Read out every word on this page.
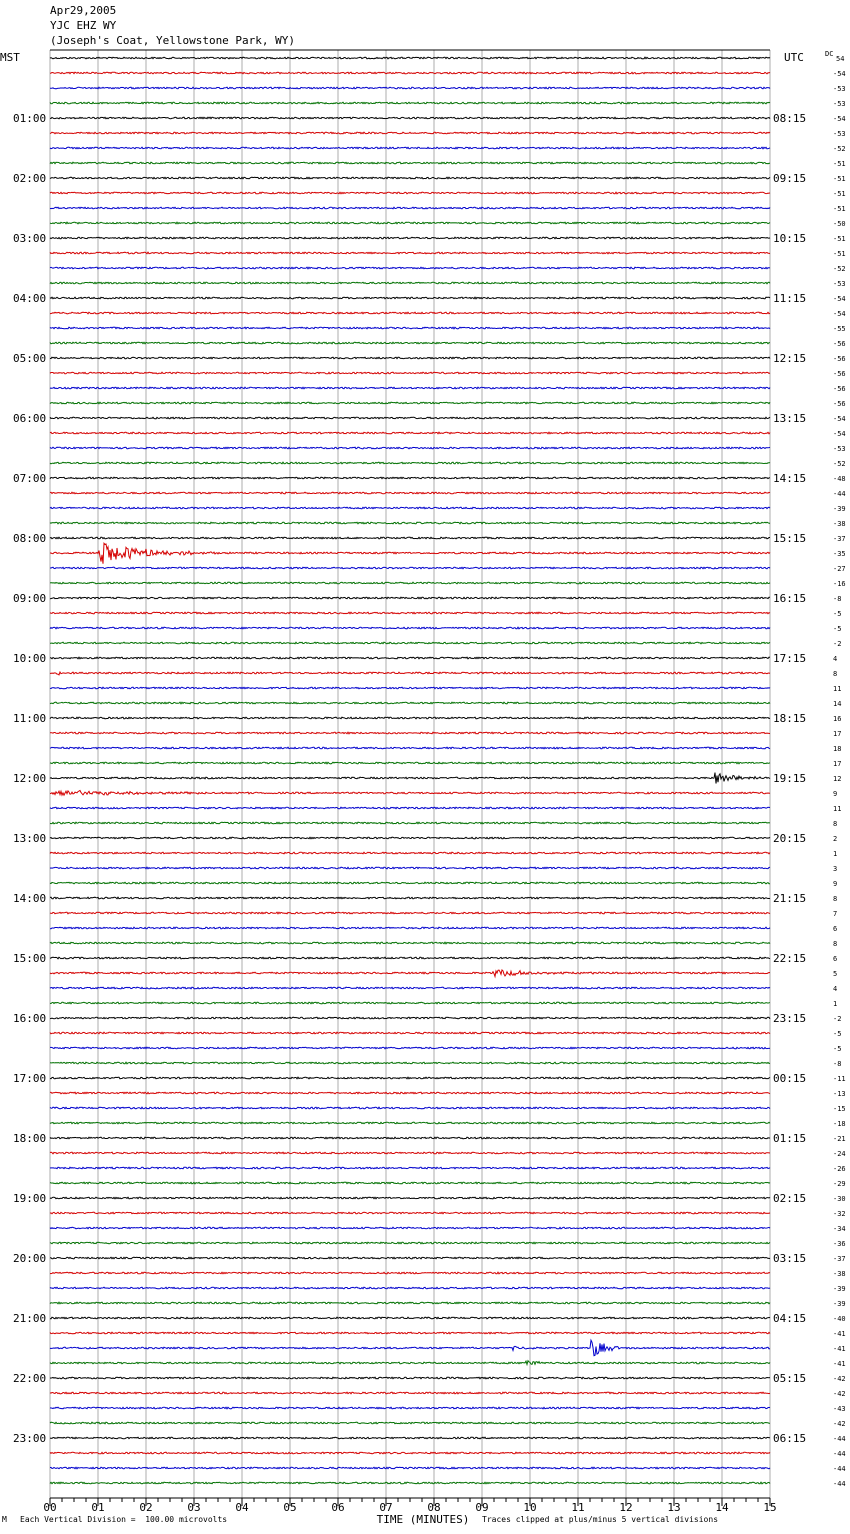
Apr29,2005
YJC EHZ WY
(Joseph's Coat, Yellowstone Park, WY)
MST	UTC
01:00	08:15
02:00	09:15
03:00	10:15
04:00	11:15
05:00	12:15
06:00	13:15
07:00	14:15
08:00	15:15
09:00	16:15
10:00	17:15
11:00	18:15
12:00	19:15
13:00	20:15
14:00	21:15
15:00	22:15
16:00	23:15
17:00	00:15
18:00	01:15
19:00	02:15
20:00	03:15
21:00	04:15
22:00	05:15
23:00	06:15
DC
54
-54
-53
-53
-54
-53
-52
-51
-51
-51
-51
-50
-51
-51
-52
-53
-54
-54
-55
-56
-56
-56
-56
-56
-54
-54
-53
-52
-48
-44
-39
-38
-37
-35
-27
-16
-8
-5
-5
-2
4
8
11
14
16
17
18
17
12
9
11
8
2
1
3
9
8
7
6
8
6
5
4
1
-2
-5
-5
-8
-11
-13
-15
-18
-21
-24
-26
-29
-30
-32
-34
-36
-37
-38
-39
-39
-40
-41
-41
-41
-42
-42
-43
-42
-44
-44
-44
-44
00	01	02	03	04	05	06	07	08	09	10	11	12	13	14	15
TIME (MINUTES)
M Each Vertical Division =  100.00 microvolts	Traces clipped at plus/minus 5 vertical divisions
